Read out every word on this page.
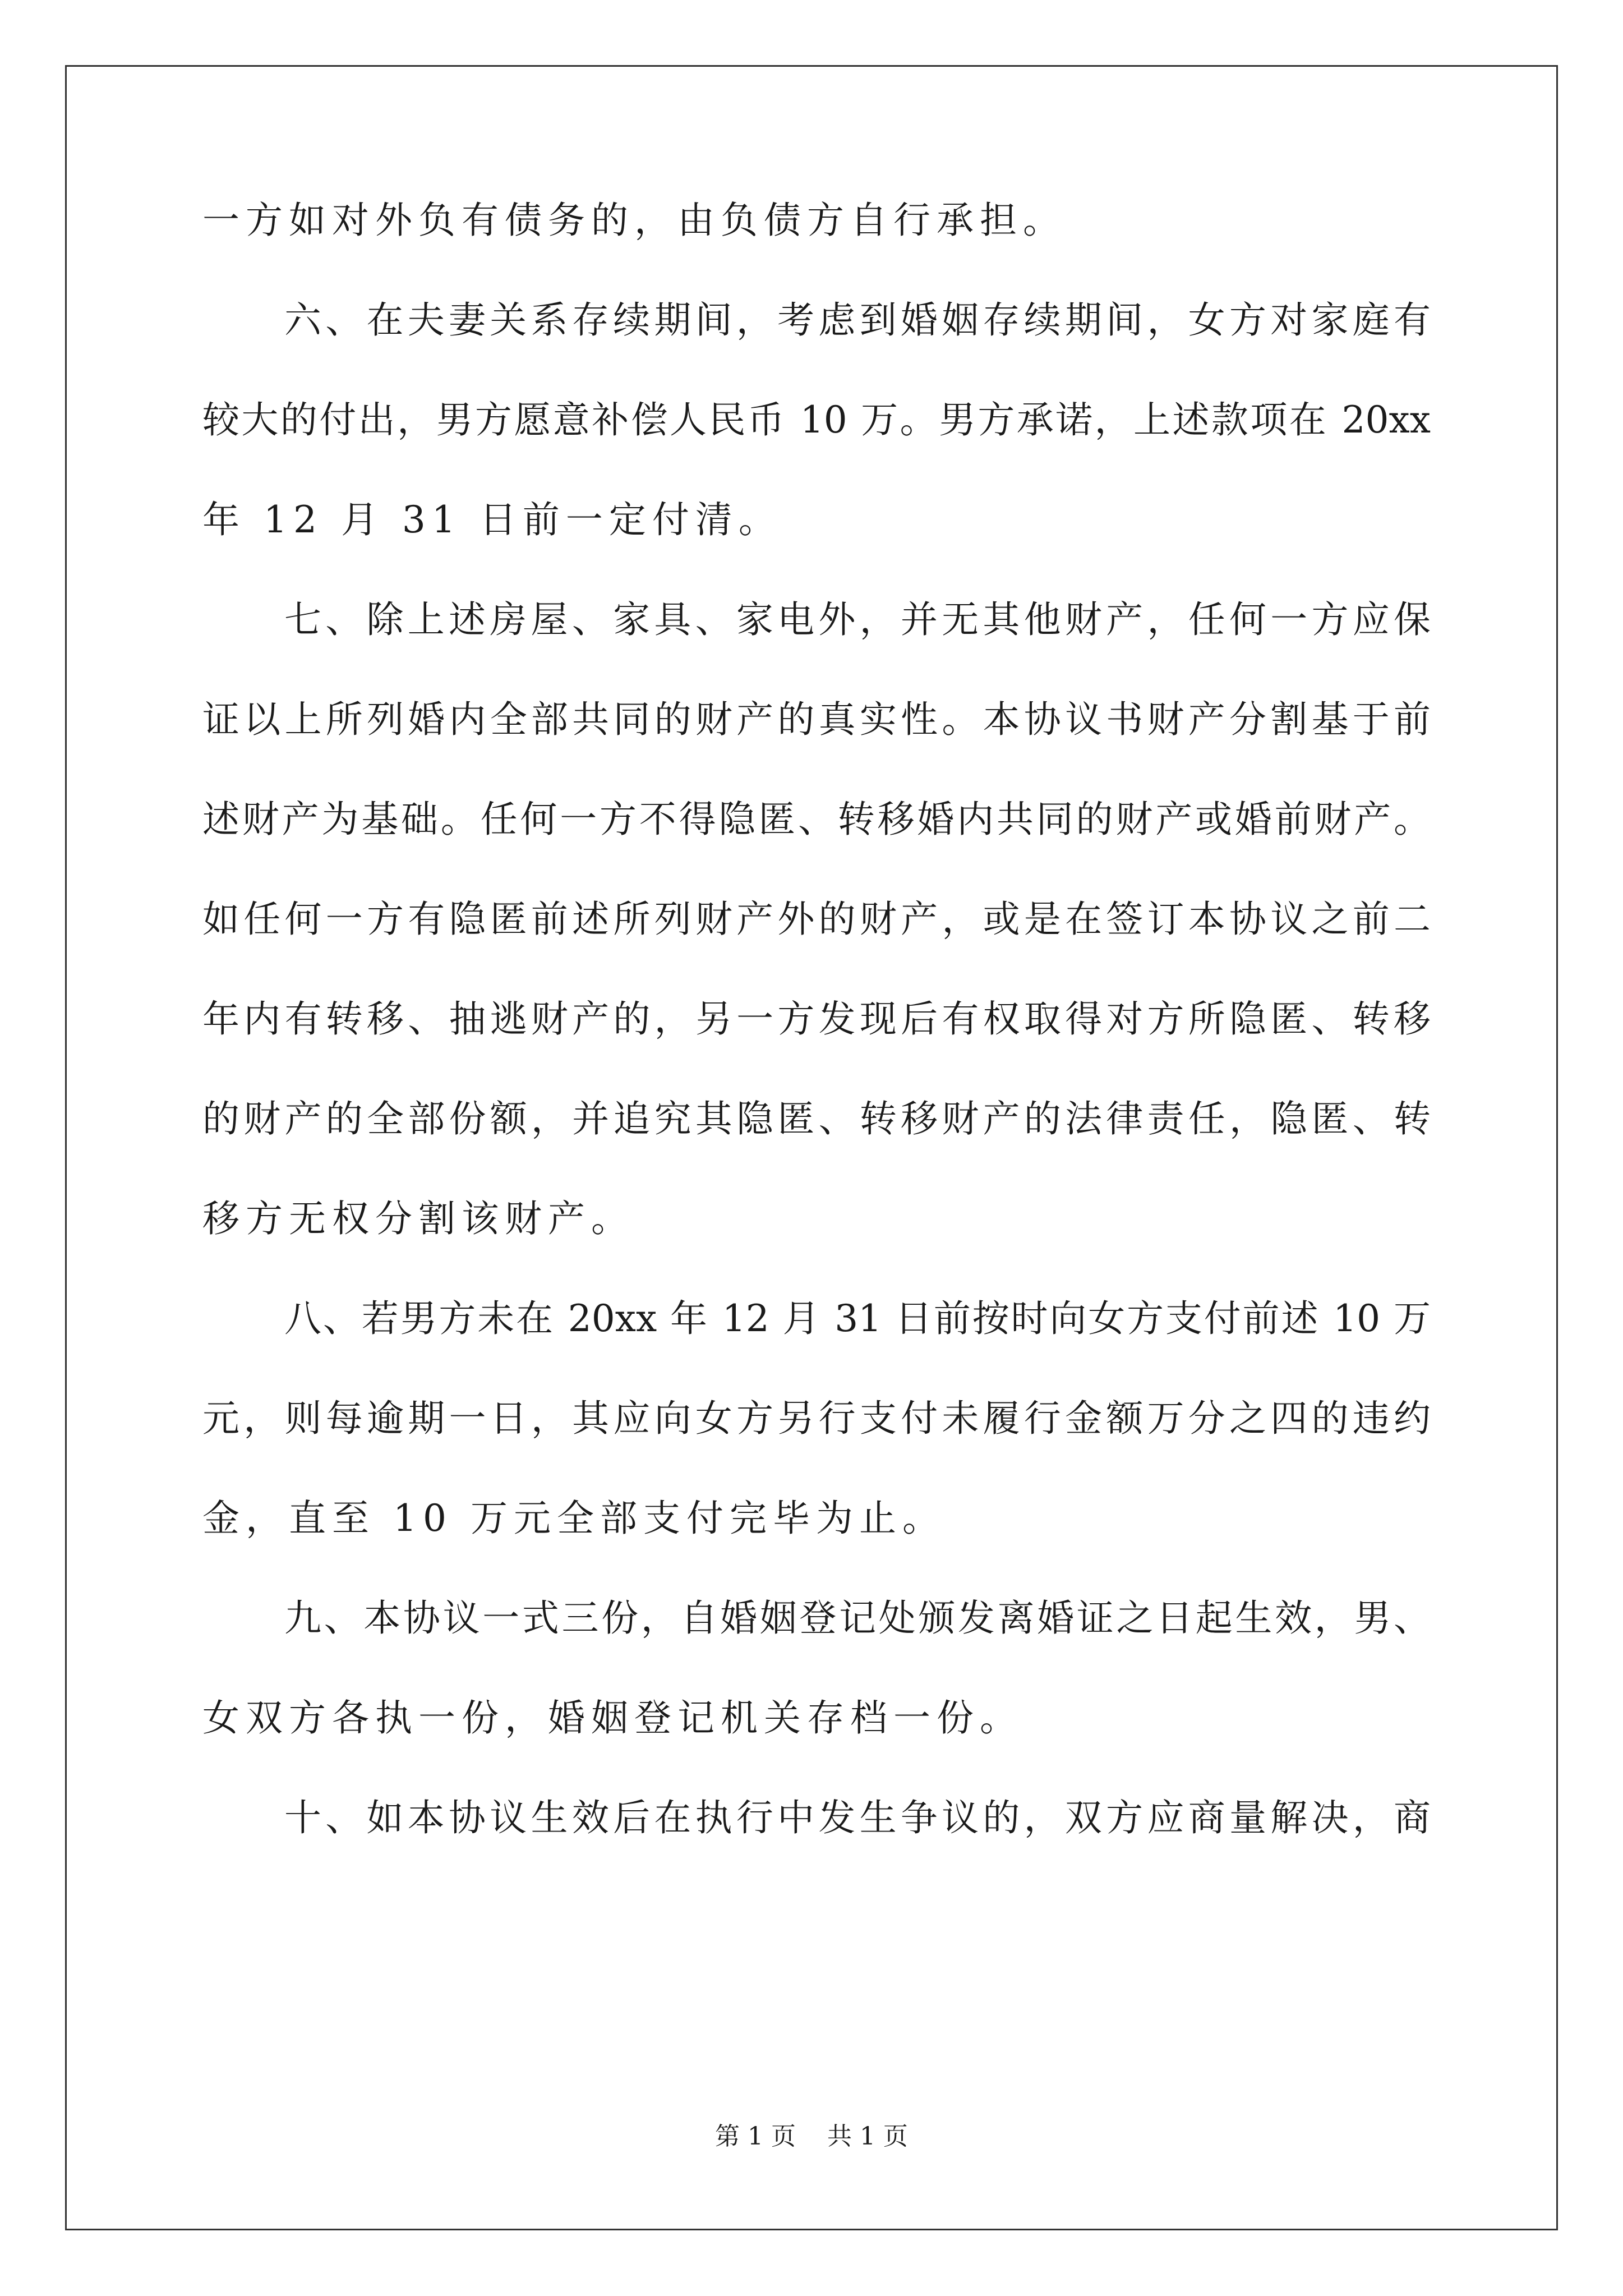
一方如对外负有债务的，由负债方自行承担。
六、在夫妻关系存续期间，考虑到婚姻存续期间，女方对家庭有
较大的付出，男方愿意补偿人民币 10 万。男方承诺，上述款项在 20xx
年 12 月 31 日前一定付清。
七、除上述房屋、家具、家电外，并无其他财产，任何一方应保
证以上所列婚内全部共同的财产的真实性。本协议书财产分割基于前
述财产为基础。任何一方不得隐匿、转移婚内共同的财产或婚前财产。
如任何一方有隐匿前述所列财产外的财产，或是在签订本协议之前二
年内有转移、抽逃财产的，另一方发现后有权取得对方所隐匿、转移
的财产的全部份额，并追究其隐匿、转移财产的法律责任，隐匿、转
移方无权分割该财产。
八、若男方未在 20xx 年 12 月 31 日前按时向女方支付前述 10 万
元，则每逾期一日，其应向女方另行支付未履行金额万分之四的违约
金，直至 10 万元全部支付完毕为止。
九、本协议一式三份，自婚姻登记处颁发离婚证之日起生效，男、
女双方各执一份，婚姻登记机关存档一份。
十、如本协议生效后在执行中发生争议的，双方应商量解决，商
第 1 页    共 1 页
